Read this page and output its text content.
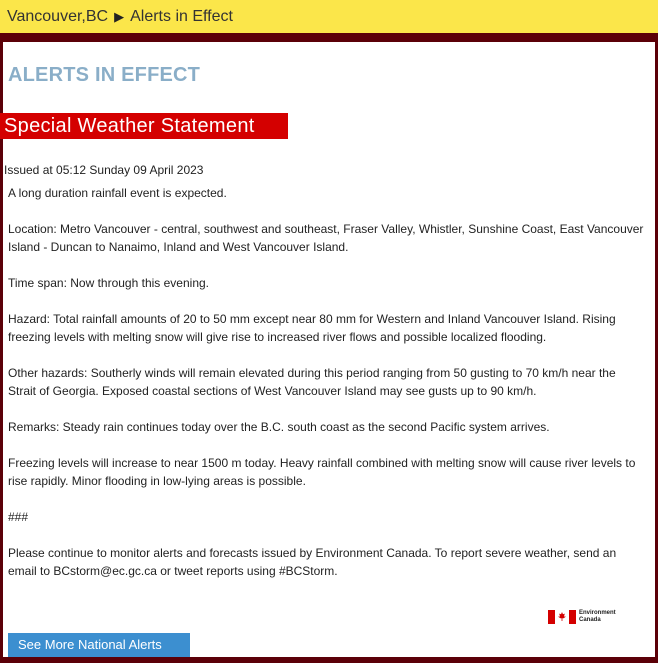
Vancouver,BC ▶ Alerts in Effect
ALERTS IN EFFECT
Special Weather Statement
Issued at 05:12 Sunday 09 April 2023

A long duration rainfall event is expected.

Location: Metro Vancouver - central, southwest and southeast, Fraser Valley, Whistler, Sunshine Coast, East Vancouver Island - Duncan to Nanaimo, Inland and West Vancouver Island.

Time span: Now through this evening.

Hazard: Total rainfall amounts of 20 to 50 mm except near 80 mm for Western and Inland Vancouver Island. Rising freezing levels with melting snow will give rise to increased river flows and possible localized flooding.

Other hazards: Southerly winds will remain elevated during this period ranging from 50 gusting to 70 km/h near the Strait of Georgia. Exposed coastal sections of West Vancouver Island may see gusts up to 90 km/h.

Remarks: Steady rain continues today over the B.C. south coast as the second Pacific system arrives.

Freezing levels will increase to near 1500 m today. Heavy rainfall combined with melting snow will cause river levels to rise rapidly. Minor flooding in low-lying areas is possible.

###

Please continue to monitor alerts and forecasts issued by Environment Canada. To report severe weather, send an email to BCstorm@ec.gc.ca or tweet reports using #BCStorm.

Environment
Canada
See More National Alerts
